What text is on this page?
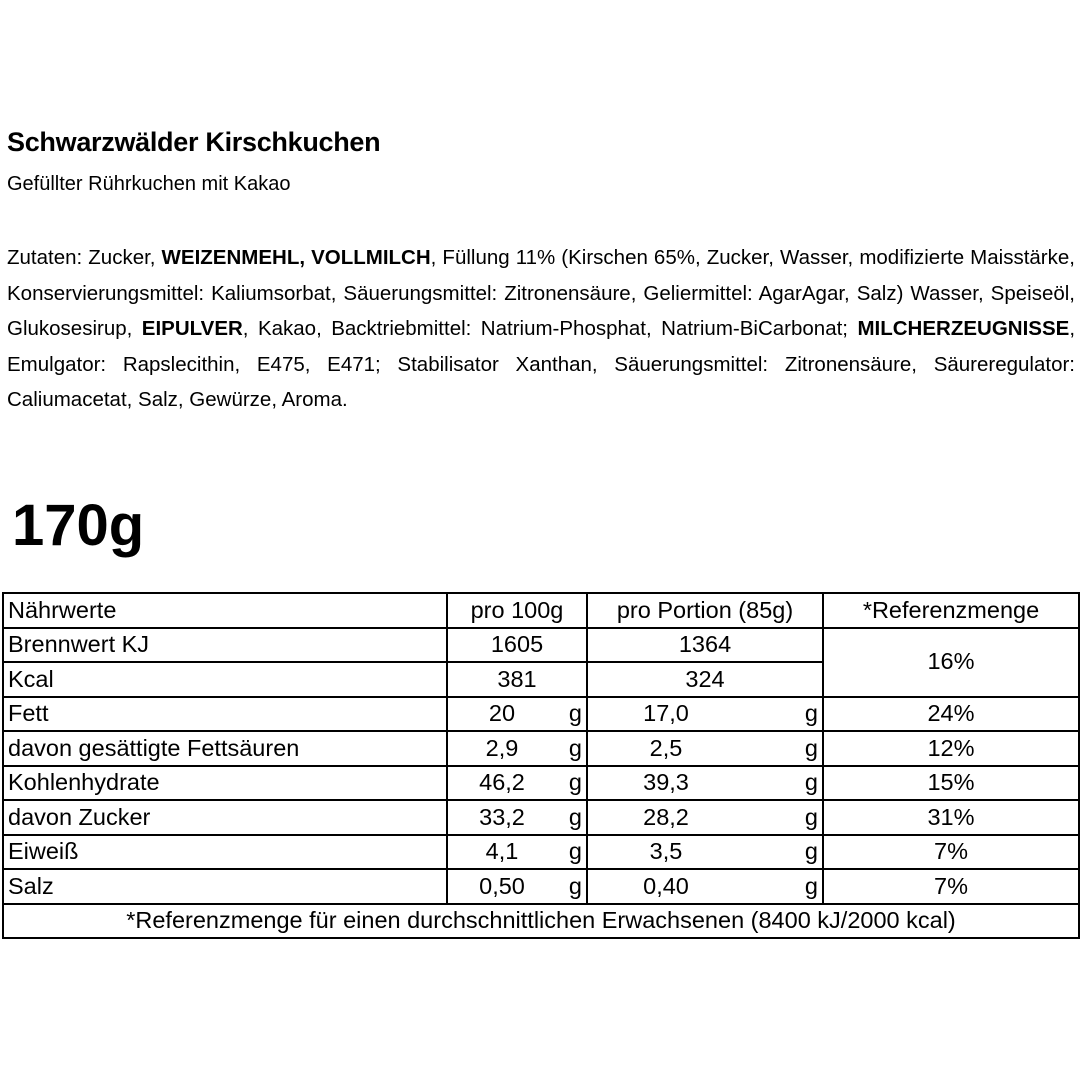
Schwarzwälder Kirschkuchen
Gefüllter Rührkuchen mit Kakao
Zutaten: Zucker, WEIZENMEHL, VOLLMILCH, Füllung 11% (Kirschen 65%, Zucker, Wasser, modifizierte Maisstärke, Konservierungsmittel: Kaliumsorbat, Säuerungsmittel: Zitronensäure, Geliermittel: AgarAgar, Salz) Wasser, Speiseöl, Glukosesirup, EIPULVER, Kakao, Backtriebmittel: Natrium-Phosphat, Natrium-BiCarbonat; MILCHERZEUGNISSE, Emulgator: Rapslecithin, E475, E471; Stabilisator Xanthan, Säuerungsmittel: Zitronensäure, Säureregulator: Caliumacetat, Salz, Gewürze, Aroma.
170g
Nährwerte	pro 100g	pro Portion (85g)	*Referenzmenge
Brennwert KJ	1605	1364	16%
Kcal	381	324	
Fett	20 g	17,0 g	24%
davon gesättigte Fettsäuren	2,9 g	2,5 g	12%
Kohlenhydrate	46,2 g	39,3 g	15%
davon Zucker	33,2 g	28,2 g	31%
Eiweiß	4,1 g	3,5 g	7%
Salz	0,50 g	0,40 g	7%
*Referenzmenge für einen durchschnittlichen Erwachsenen (8400 kJ/2000 kcal)			
